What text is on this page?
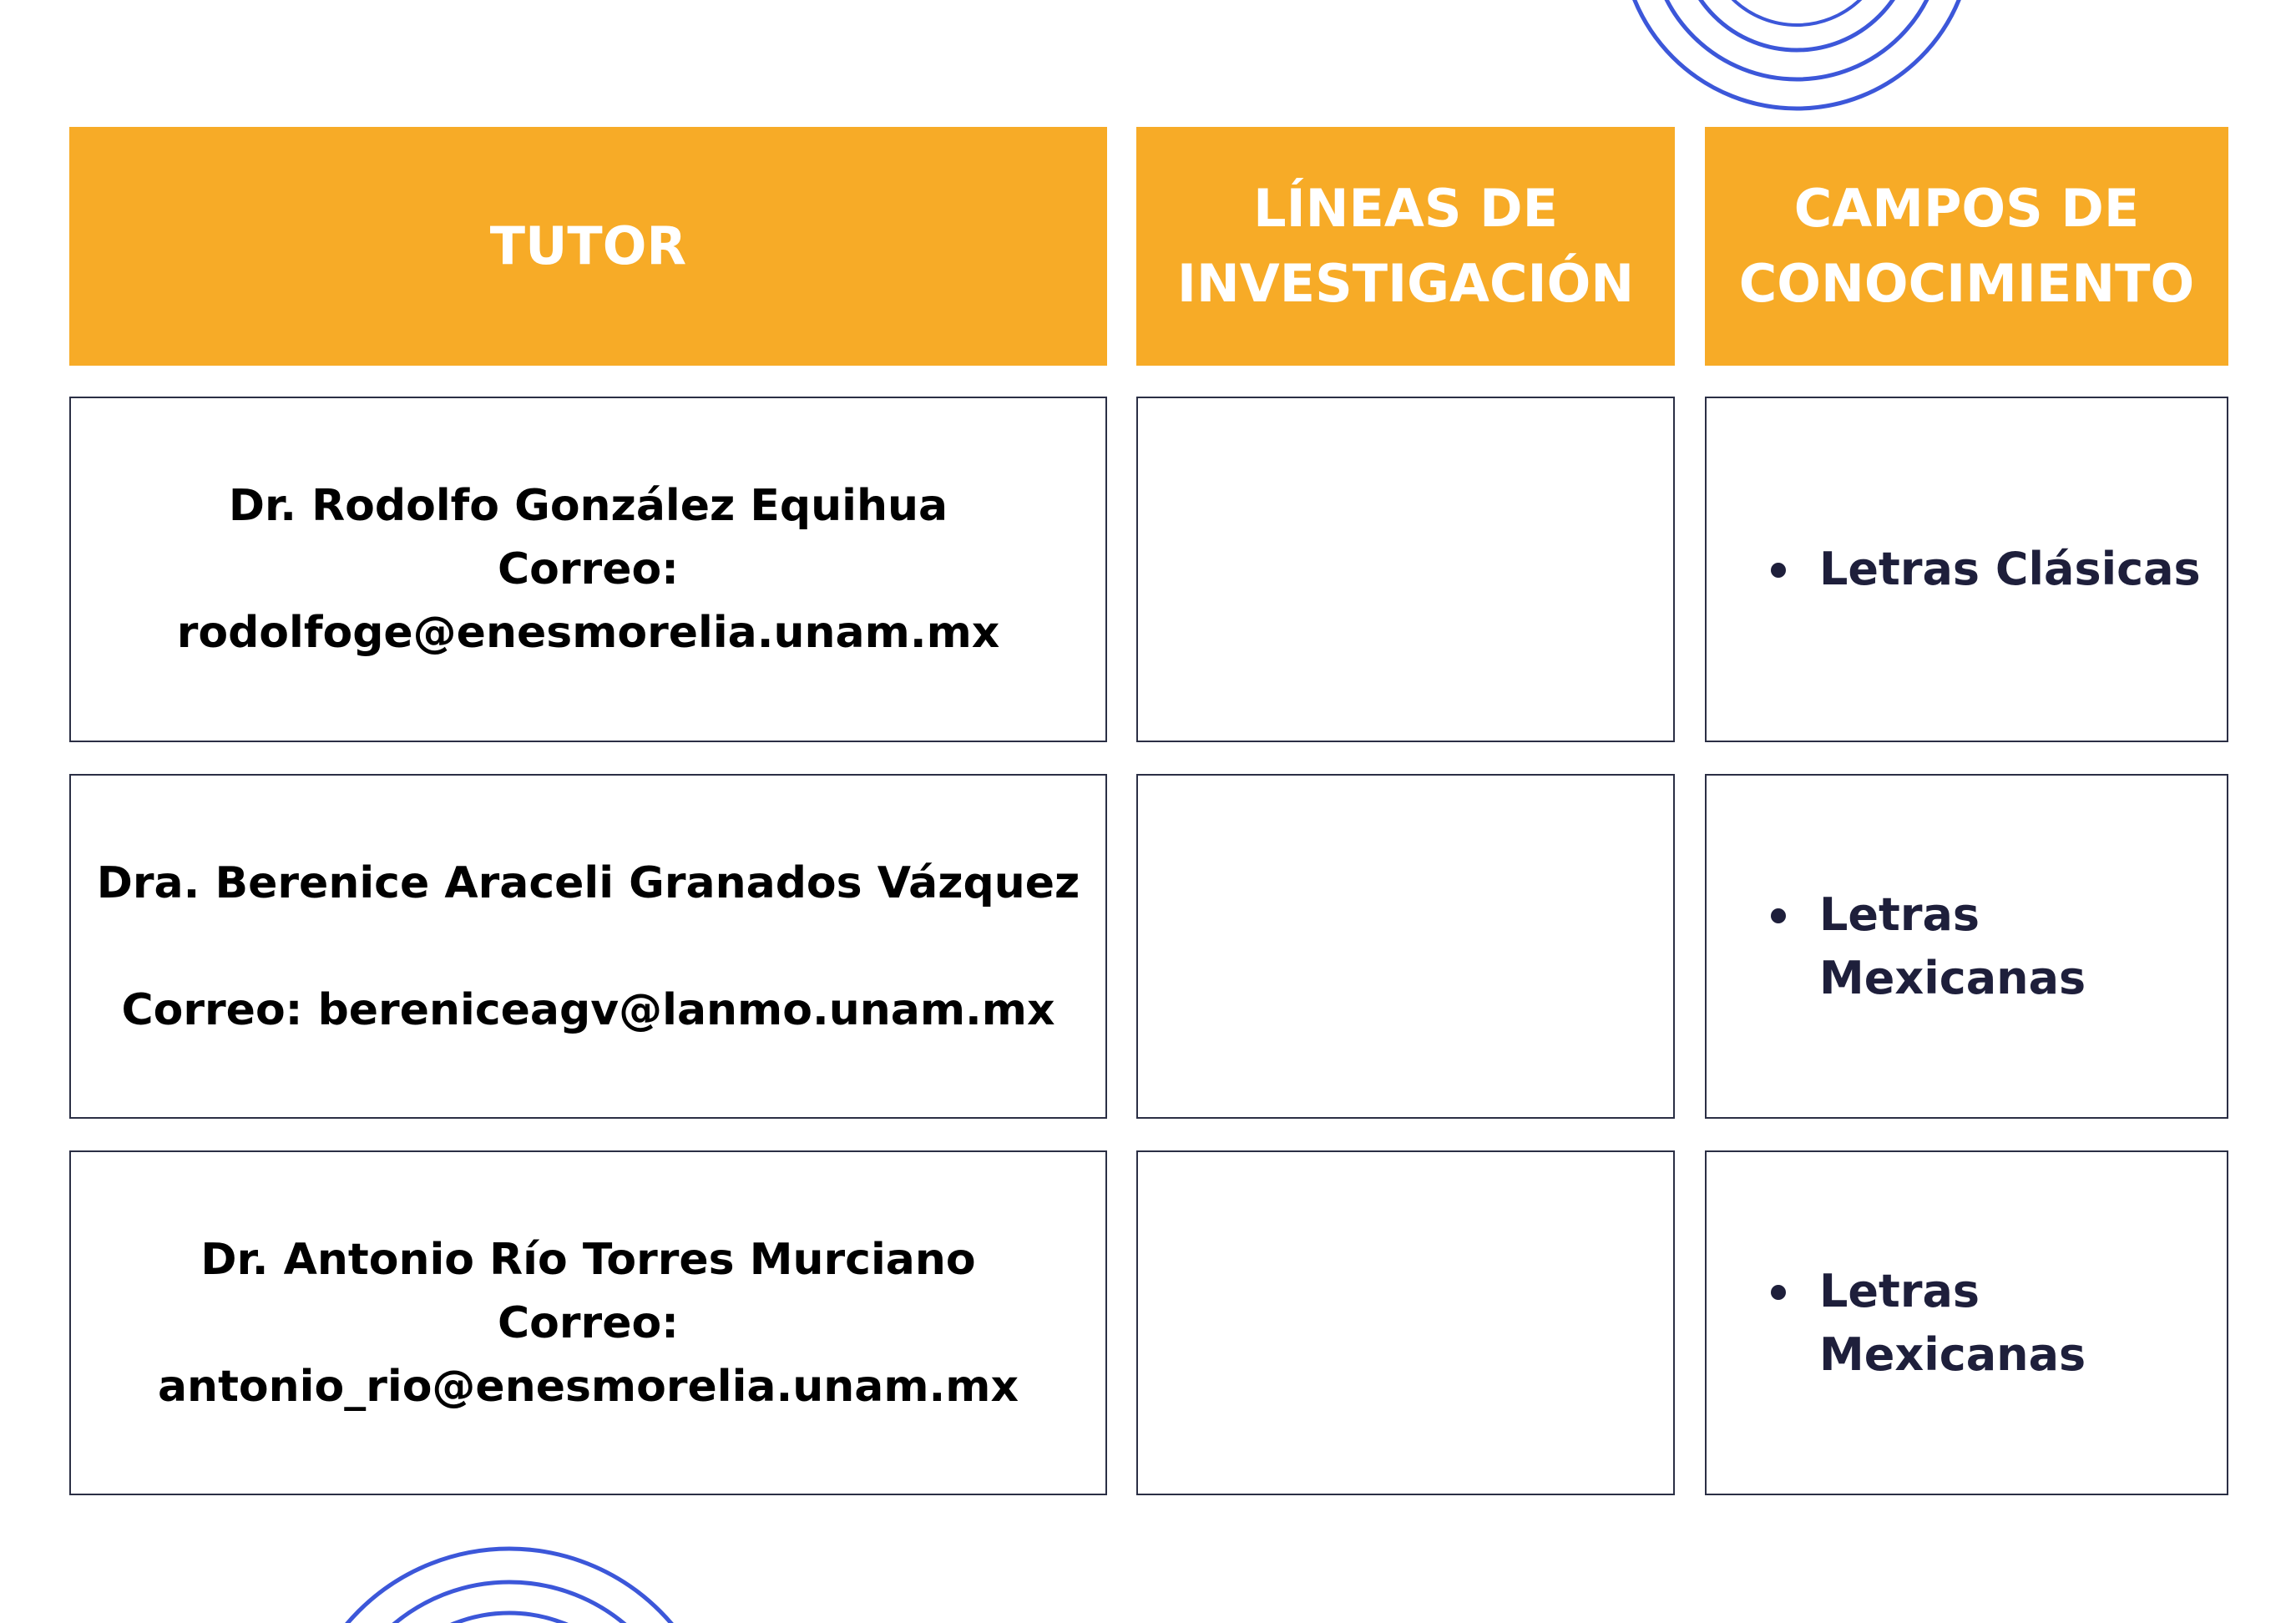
TUTOR
LÍNEAS DE
INVESTIGACIÓN
CAMPOS DE
CONOCIMIENTO
Dr. Rodolfo González Equihua
Correo:
rodolfoge@enesmorelia.unam.mx
Letras Clásicas
Dra. Berenice Araceli Granados Vázquez
Correo: bereniceagv@lanmo.unam.mx
Letras
Mexicanas
Dr. Antonio Río Torres Murciano
Correo:
antonio_rio@enesmorelia.unam.mx
Letras
Mexicanas
